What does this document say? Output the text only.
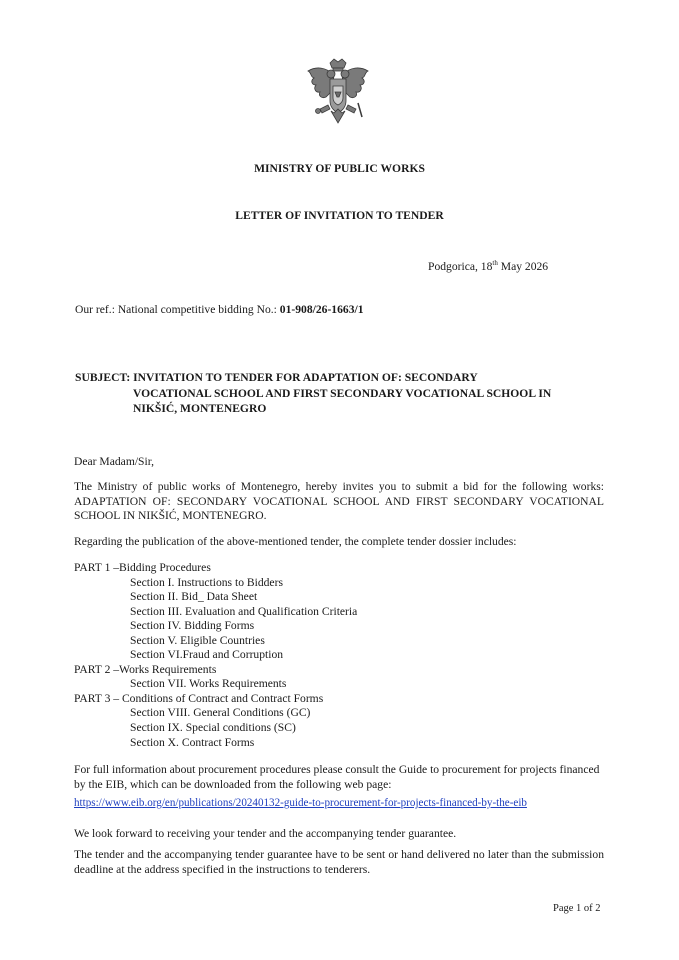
MINISTRY OF PUBLIC WORKS
LETTER OF INVITATION TO TENDER
Podgorica, 18th May 2026
Our ref.: National competitive bidding No.: 01-908/26-1663/1
SUBJECT: INVITATION TO TENDER FOR ADAPTATION OF: SECONDARY
VOCATIONAL SCHOOL AND FIRST SECONDARY VOCATIONAL SCHOOL IN
NIKŠIĆ, MONTENEGRO
Dear Madam/Sir,
The Ministry of public works of Montenegro, hereby invites you to submit a bid for the following works: ADAPTATION OF: SECONDARY VOCATIONAL SCHOOL AND FIRST SECONDARY VOCATIONAL SCHOOL IN NIKŠIĆ, MONTENEGRO.
Regarding the publication of the above-mentioned tender, the complete tender dossier includes:
PART 1 –Bidding Procedures
Section I. Instructions to Bidders
Section II. Bid_ Data Sheet
Section III. Evaluation and Qualification Criteria
Section IV. Bidding Forms
Section V. Eligible Countries
Section VI.Fraud and Corruption
PART 2 –Works Requirements
Section VII. Works Requirements
PART 3 – Conditions of Contract and Contract Forms
Section VIII. General Conditions (GC)
Section IX. Special conditions (SC)
Section X. Contract Forms
For full information about procurement procedures please consult the Guide to procurement for projects financed by the EIB, which can be downloaded from the following web page:
https://www.eib.org/en/publications/20240132-guide-to-procurement-for-projects-financed-by-the-eib
We look forward to receiving your tender and the accompanying tender guarantee.
The tender and the accompanying tender guarantee have to be sent or hand delivered no later than the submission deadline at the address specified in the instructions to tenderers.
Page 1 of 2
